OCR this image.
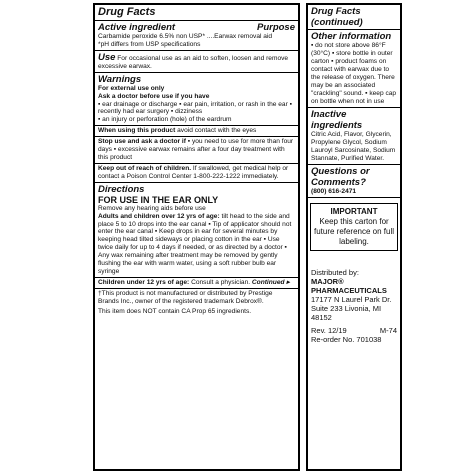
Drug Facts
Active ingredient	Purpose
Carbamide peroxide 6.5% non USP* ....Earwax removal aid
*pH differs from USP specifications
Use For occasional use as an aid to soften, loosen and remove excessive earwax.
Warnings
For external use only
Ask a doctor before use if you have
▪ ear drainage or discharge ▪ ear pain, irritation, or rash in the ear ▪ recently had ear surgery ▪ dizziness
▪ an injury or perforation (hole) of the eardrum
When using this product avoid contact with the eyes
Stop use and ask a doctor if ▪ you need to use for more than four days ▪ excessive earwax remains after a four day treatment with this product
Keep out of reach of children. If swallowed, get medical help or contact a Poison Control Center 1-800-222-1222 immediately.
Directions
FOR USE IN THE EAR ONLY
Remove any hearing aids before use
Adults and children over 12 yrs of age: tilt head to the side and place 5 to 10 drops into the ear canal ▪ Tip of applicator should not enter the ear canal ▪ Keep drops in ear for several minutes by keeping head tilted sideways or placing cotton in the ear ▪ Use twice daily for up to 4 days if needed, or as directed by a doctor ▪ Any wax remaining after treatment may be removed by gently flushing the ear with warm water, using a soft rubber bulb ear syringe
Children under 12 yrs of age: Consult a physician. Continued ▸
†This product is not manufactured or distributed by Prestige Brands Inc., owner of the registered trademark Debrox®.
This item does NOT contain CA Prop 65 ingredients.
Drug Facts (continued)
Other information
▪ do not store above 86°F (30°C) ▪ store bottle in outer carton ▪ product foams on contact with earwax due to the release of oxygen. There may be an associated "crackling" sound. ▪ keep cap on bottle when not in use
Inactive ingredients
Citric Acid, Flavor, Glycerin, Propylene Glycol, Sodium Lauroyl Sarcosinate, Sodium Stannate, Purified Water.
Questions or Comments?
(800) 616-2471
IMPORTANT
Keep this carton for future reference on full labeling.
Distributed by:
MAJOR® PHARMACEUTICALS
17177 N Laurel Park Dr. Suite 233 Livonia, MI 48152
Rev. 12/19	M-74
Re-order No. 701038
